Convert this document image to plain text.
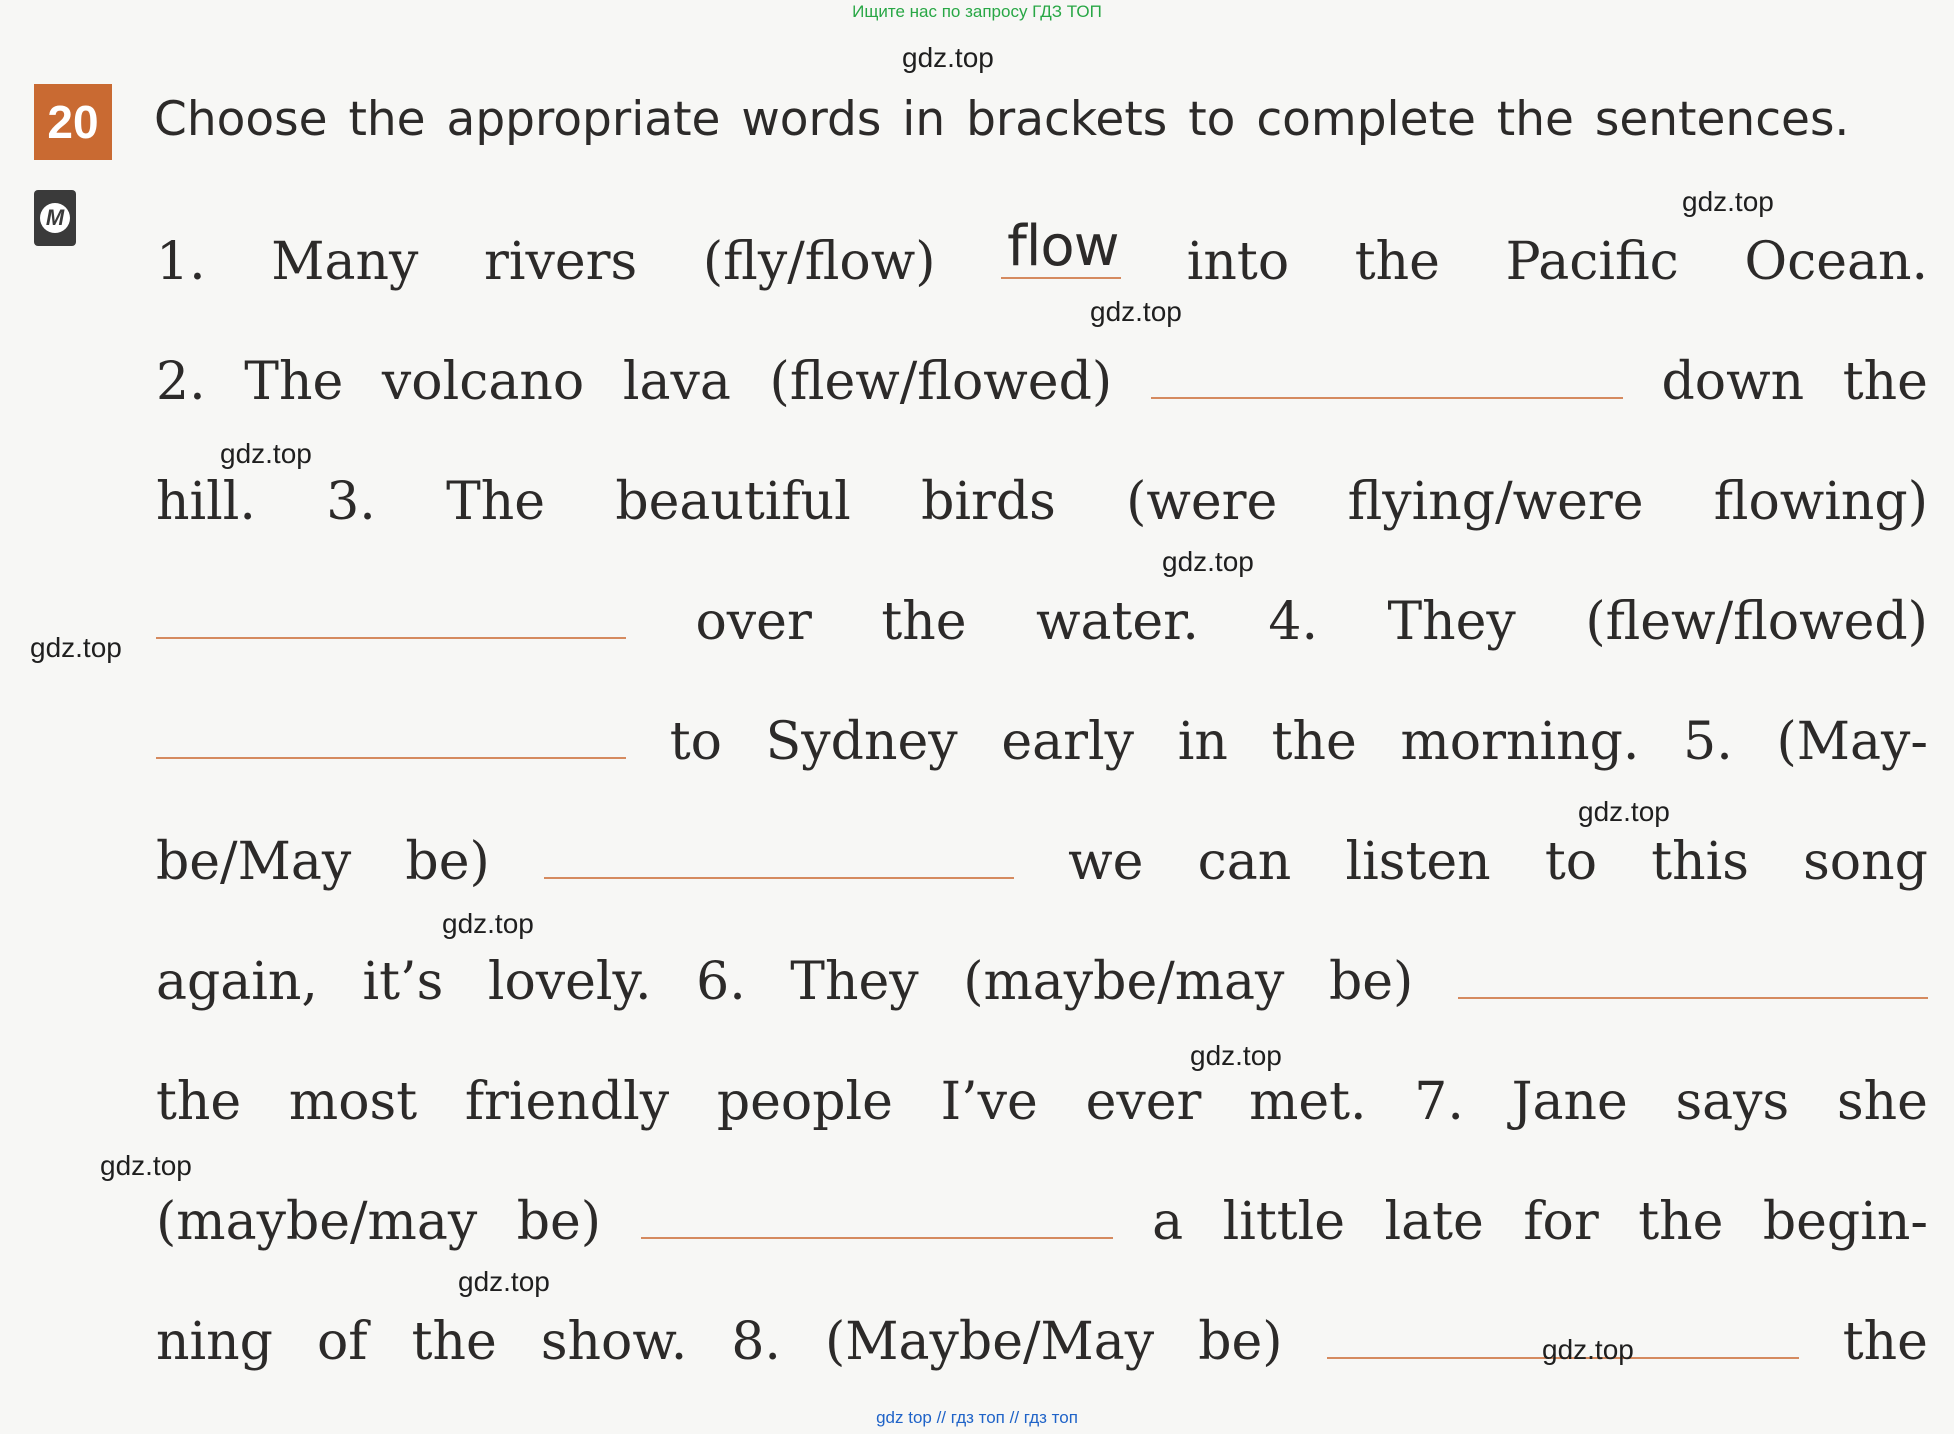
Ищите нас по запросу ГДЗ ТОП
20
M
Choose the appropriate words in brackets to complete the sentences.
1. Many rivers (fly/flow) flow into the Pacific Ocean.
2. The volcano lava (flew/flowed)	down the
hill. 3. The beautiful birds (were flying/were flowing)
over the water. 4. They (flew/flowed)
to Sydney early in the morning. 5. (May-
be/May be)	we can listen to this song
again, it’s lovely. 6. They (maybe/may be)
the most friendly people I’ve ever met. 7. Jane says she
(maybe/may be)	a little late for the begin-
ning of the show. 8. (Maybe/May be)	the
gdz.top
gdz.top
gdz.top
gdz.top
gdz.top
gdz.top
gdz.top
gdz.top
gdz.top
gdz.top
gdz.top
gdz.top
gdz top // гдз топ // гдз топ
